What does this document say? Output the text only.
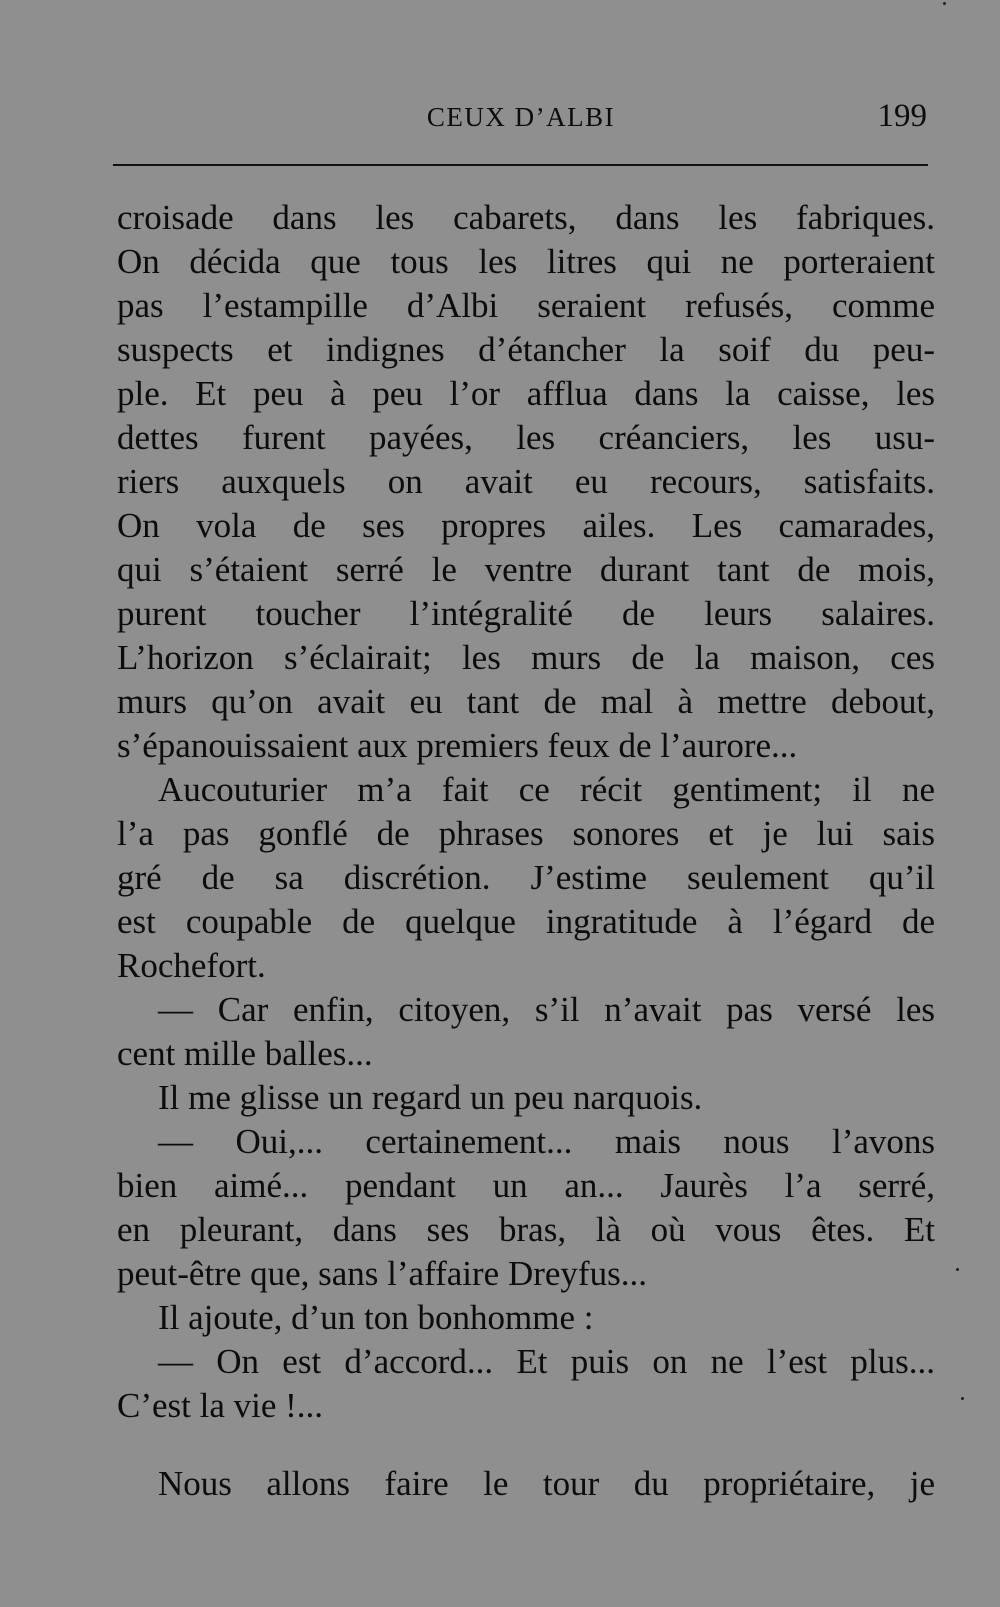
CEUX D’ALBI	199
croisade dans les cabarets, dans les fabriques.
On décida que tous les litres qui ne porteraient
pas l’estampille d’Albi seraient refusés, comme
suspects et indignes d’étancher la soif du peu-
ple. Et peu à peu l’or afflua dans la caisse, les
dettes furent payées, les créanciers, les usu-
riers auxquels on avait eu recours, satisfaits.
On vola de ses propres ailes. Les camarades,
qui s’étaient serré le ventre durant tant de mois,
purent toucher l’intégralité de leurs salaires.
L’horizon s’éclairait; les murs de la maison, ces
murs qu’on avait eu tant de mal à mettre debout,
s’épanouissaient aux premiers feux de l’aurore...
Aucouturier m’a fait ce récit gentiment; il ne
l’a pas gonflé de phrases sonores et je lui sais
gré de sa discrétion. J’estime seulement qu’il
est coupable de quelque ingratitude à l’égard de
Rochefort.
— Car enfin, citoyen, s’il n’avait pas versé les
cent mille balles...
Il me glisse un regard un peu narquois.
— Oui,... certainement... mais nous l’avons
bien aimé... pendant un an... Jaurès l’a serré,
en pleurant, dans ses bras, là où vous êtes. Et
peut-être que, sans l’affaire Dreyfus...
Il ajoute, d’un ton bonhomme :
— On est d’accord... Et puis on ne l’est plus...
C’est la vie !...
Nous allons faire le tour du propriétaire, je
